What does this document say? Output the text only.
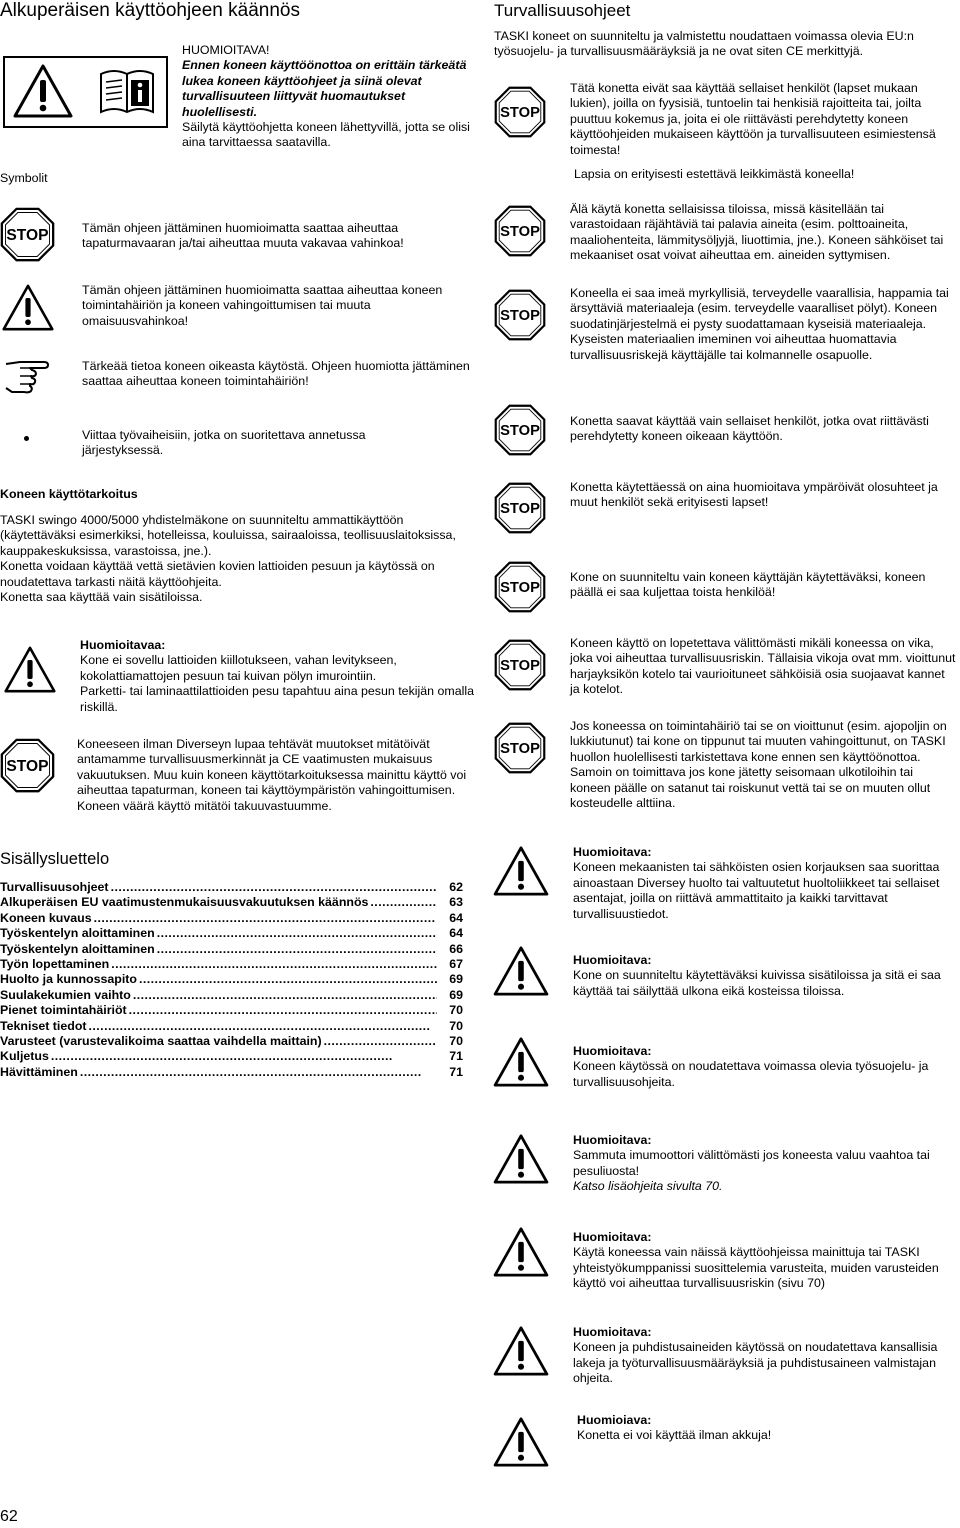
Alkuperäisen käyttöohjeen käännös

HUOMIOITAVA!

Ennen koneen käyttöönottoa on erittäin tärkeätä lukea koneen käyttöohjeet ja siinä olevat turvallisuuteen liittyvät huomautukset huolellisesti.

Säilytä käyttöohjetta koneen lähettyvillä, jotta se olisi aina tarvittaessa saatavilla.

Symbolit
Tämän ohjeen jättäminen huomioimatta saattaa aiheuttaa tapaturmavaaran ja/tai aiheuttaa muuta vakavaa vahinkoa!
Tämän ohjeen jättäminen huomioimatta saattaa aiheuttaa koneen toimintahäiriön ja koneen vahingoittumisen tai muuta omaisuusvahinkoa!
Tärkeää tietoa koneen oikeasta käytöstä. Ohjeen huomiotta jättäminen saattaa aiheuttaa koneen toimintahäiriön!
Viittaa työvaiheisiin, jotka on suoritettava annetussa järjestyksessä.
Koneen käyttötarkoitus

TASKI swingo 4000/5000 yhdistelmäkone on suunniteltu ammattikäyttöön (käytettäväksi esimerkiksi, hotelleissa, kouluissa, sairaaloissa, teollisuuslaitoksissa, kauppakeskuksissa, varastoissa, jne.).

Konetta voidaan käyttää vettä sietävien kovien lattioiden pesuun ja käytössä on noudatettava tarkasti näitä käyttöohjeita.

Konetta saa käyttää vain sisätiloissa.

Huomioitavaa:

Kone ei sovellu lattioiden kiillotukseen, vahan levitykseen, kokolattiamattojen pesuun tai kuivan pölyn imurointiin.

Parketti- tai laminaattilattioiden pesu tapahtuu aina pesun tekijän omalla riskillä.

Koneeseen ilman Diverseyn lupaa tehtävät muutokset mitätöivät antamamme turvallisuusmerkinnät ja CE vaatimusten mukaisuus vakuutuksen. Muu kuin koneen käyttötarkoituksessa mainittu käyttö voi aiheuttaa tapaturman, koneen tai käyttöympäristön vahingoittumisen. Koneen väärä käyttö mitätöi takuuvastuumme.
Sisällysluettelo
Turvallisuusohjeet . . .	62
Alkuperäisen EU vaatimustenmukaisuusvakuutuksen käännös . . .	63
Koneen kuvaus . . .	64
Työskentelyn aloittaminen . . .	64
Työskentelyn aloittaminen . . .	66
Työn lopettaminen . . .	67
Huolto ja kunnossapito . . .	69
Suulakekumien vaihto . . .	69
Pienet toimintahäiriöt . . .	70
Tekniset tiedot . . .	70
Varusteet (varustevalikoima saattaa vaihdella maittain) . . .	70
Kuljetus . . .	71
Hävittäminen . . .	71
62
Turvallisuusohjeet
TASKI koneet on suunniteltu ja valmistettu noudattaen voimassa olevia EU:n työsuojelu- ja turvallisuusmääräyksiä ja ne ovat siten CE merkittyjä.

Tätä konetta eivät saa käyttää sellaiset henkilöt (lapset mukaan lukien), joilla on fyysisiä, tuntoelin tai henkisiä rajoitteita tai, joilta puuttuu kokemus ja, joita ei ole riittävästi perehdytetty koneen käyttöohjeiden mukaiseen käyttöön ja turvallisuuteen esimiestensä toimesta!

Lapsia on erityisesti estettävä leikkimästä koneella!

Älä käytä konetta sellaisissa tiloissa, missä käsitellään tai varastoidaan räjähtäviä tai palavia aineita (esim. polttoaineita, maaliohenteita, lämmitysöljyjä, liuottimia, jne.). Koneen sähköiset tai mekaaniset osat voivat aiheuttaa em. aineiden syttymisen.
Koneella ei saa imeä myrkyllisiä, terveydelle vaarallisia, happamia tai ärsyttäviä materiaaleja (esim. terveydelle vaaralliset pölyt). Koneen suodatinjärjestelmä ei pysty suodattamaan kyseisiä materiaaleja. Kyseisten materiaalien imeminen voi aiheuttaa huomattavia turvallisuusriskejä käyttäjälle tai kolmannelle osapuolle.
Konetta saavat käyttää vain sellaiset henkilöt, jotka ovat riittävästi perehdytetty koneen oikeaan käyttöön.
Konetta käytettäessä on aina huomioitava ympäröivät olosuhteet ja muut henkilöt sekä erityisesti lapset!
Kone on suunniteltu vain koneen käyttäjän käytettäväksi, koneen päällä ei saa kuljettaa toista henkilöä!
Koneen käyttö on lopetettava välittömästi mikäli koneessa on vika, joka voi aiheuttaa turvallisuusriskin. Tällaisia vikoja ovat mm. vioittunut harjayksikön kotelo tai vaurioituneet sähköisiä osia suojaavat kannet ja kotelot.
Jos koneessa on toimintahäiriö tai se on vioittunut (esim. ajopoljin on lukkiutunut) tai kone on tippunut tai muuten vahingoittunut, on TASKI huollon huolellisesti tarkistettava kone ennen sen käyttöönottoa. Samoin on toimittava jos kone jätetty seisomaan ulkotiloihin tai koneen päälle on satanut tai roiskunut vettä tai se on muuten ollut kosteudelle alttiina.

Huomioitava:

Koneen mekaanisten tai sähköisten osien korjauksen saa suorittaa ainoastaan Diversey huolto tai valtuutetut huoltoliikkeet tai sellaiset asentajat, joilla on riittävä ammattitaito ja kaikki tarvittavat turvallisuustiedot.

Huomioitava:

Kone on suunniteltu käytettäväksi kuivissa sisätiloissa ja sitä ei saa käyttää tai säilyttää ulkona eikä kosteissa tiloissa.

Huomioitava:

Koneen käytössä on noudatettava voimassa olevia työsuojelu- ja turvallisuusohjeita.

Huomioitava:

Sammuta imumoottori välittömästi jos koneesta valuu vaahtoa tai pesuliuosta!

Katso lisäohjeita sivulta 70.

Huomioitava:

Käytä koneessa vain näissä käyttöohjeissa mainittuja tai TASKI yhteistyökumppanissi suosittelemia varusteita, muiden varusteiden käyttö voi aiheuttaa turvallisuusriskin (sivu 70)

Huomioitava:

Koneen ja puhdistusaineiden käytössä on noudatettava kansallisia lakeja ja työturvallisuusmääräyksiä ja puhdistusaineen valmistajan ohjeita.

Huomioiava:

Konetta ei voi käyttää ilman akkuja!
